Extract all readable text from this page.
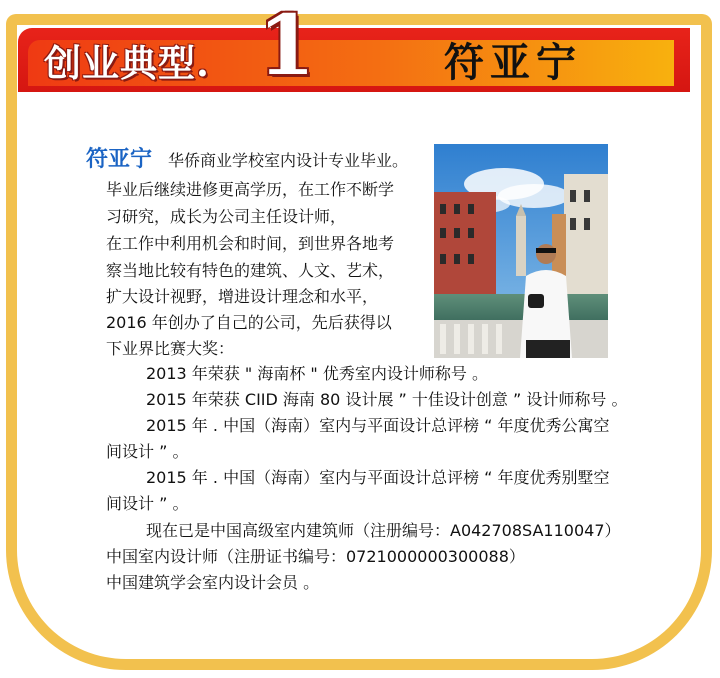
创业典型. 1	符亚宁
符亚宁 华侨商业学校室内设计专业毕业。
毕业后继续进修更高学历，在工作不断学
习研究，成长为公司主任设计师，
在工作中利用机会和时间，到世界各地考
察当地比较有特色的建筑、人文、艺术，
扩大设计视野，增进设计理念和水平，
2016 年创办了自己的公司，先后获得以
下业界比赛大奖：
2013 年荣获 " 海南杯 " 优秀室内设计师称号 。
2015 年荣获 CIID 海南 80 设计展 ” 十佳设计创意 ” 设计师称号 。
2015 年 . 中国（海南）室内与平面设计总评榜 “ 年度优秀公寓空
间设计 ” 。
2015 年 . 中国（海南）室内与平面设计总评榜 “ 年度优秀别墅空
间设计 ” 。
现在已是中国高级室内建筑师（注册编号：A042708SA110047）
中国室内设计师（注册证书编号：0721000000300088）
中国建筑学会室内设计会员 。
